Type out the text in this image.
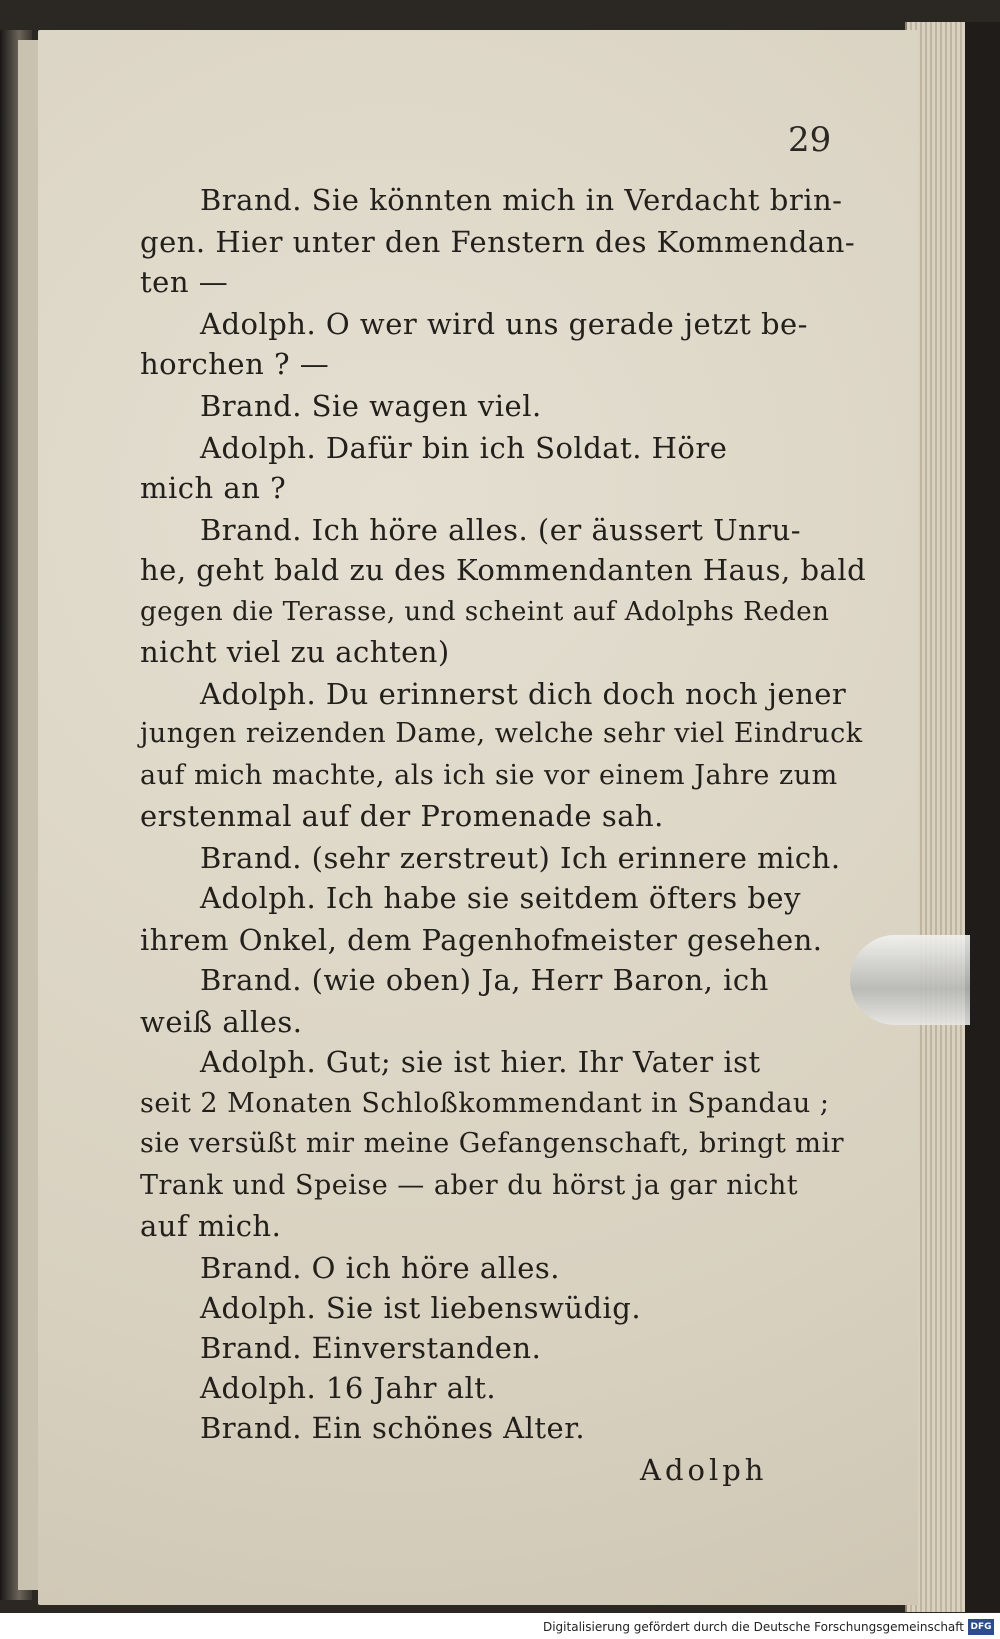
29
Brand. Sie könnten mich in Verdacht brin-
gen. Hier unter den Fenstern des Kommendan-
ten —
Adolph. O wer wird uns gerade jetzt be-
horchen ? —
Brand. Sie wagen viel.
Adolph. Dafür bin ich Soldat. Höre
mich an ?
Brand. Ich höre alles. (er äussert Unru-
he, geht bald zu des Kommendanten Haus, bald
gegen die Terasse, und scheint auf Adolphs Reden
nicht viel zu achten)
Adolph. Du erinnerst dich doch noch jener
jungen reizenden Dame, welche sehr viel Eindruck
auf mich machte, als ich sie vor einem Jahre zum
erstenmal auf der Promenade sah.
Brand. (sehr zerstreut) Ich erinnere mich.
Adolph. Ich habe sie seitdem öfters bey
ihrem Onkel, dem Pagenhofmeister gesehen.
Brand. (wie oben) Ja, Herr Baron, ich
weiß alles.
Adolph. Gut; sie ist hier. Ihr Vater ist
seit 2 Monaten Schloßkommendant in Spandau ;
sie versüßt mir meine Gefangenschaft, bringt mir
Trank und Speise — aber du hörst ja gar nicht
auf mich.
Brand. O ich höre alles.
Adolph. Sie ist liebenswüdig.
Brand. Einverstanden.
Adolph. 16 Jahr alt.
Brand. Ein schönes Alter.
Adolph
Digitalisierung gefördert durch die Deutsche Forschungsgemeinschaft DFG
